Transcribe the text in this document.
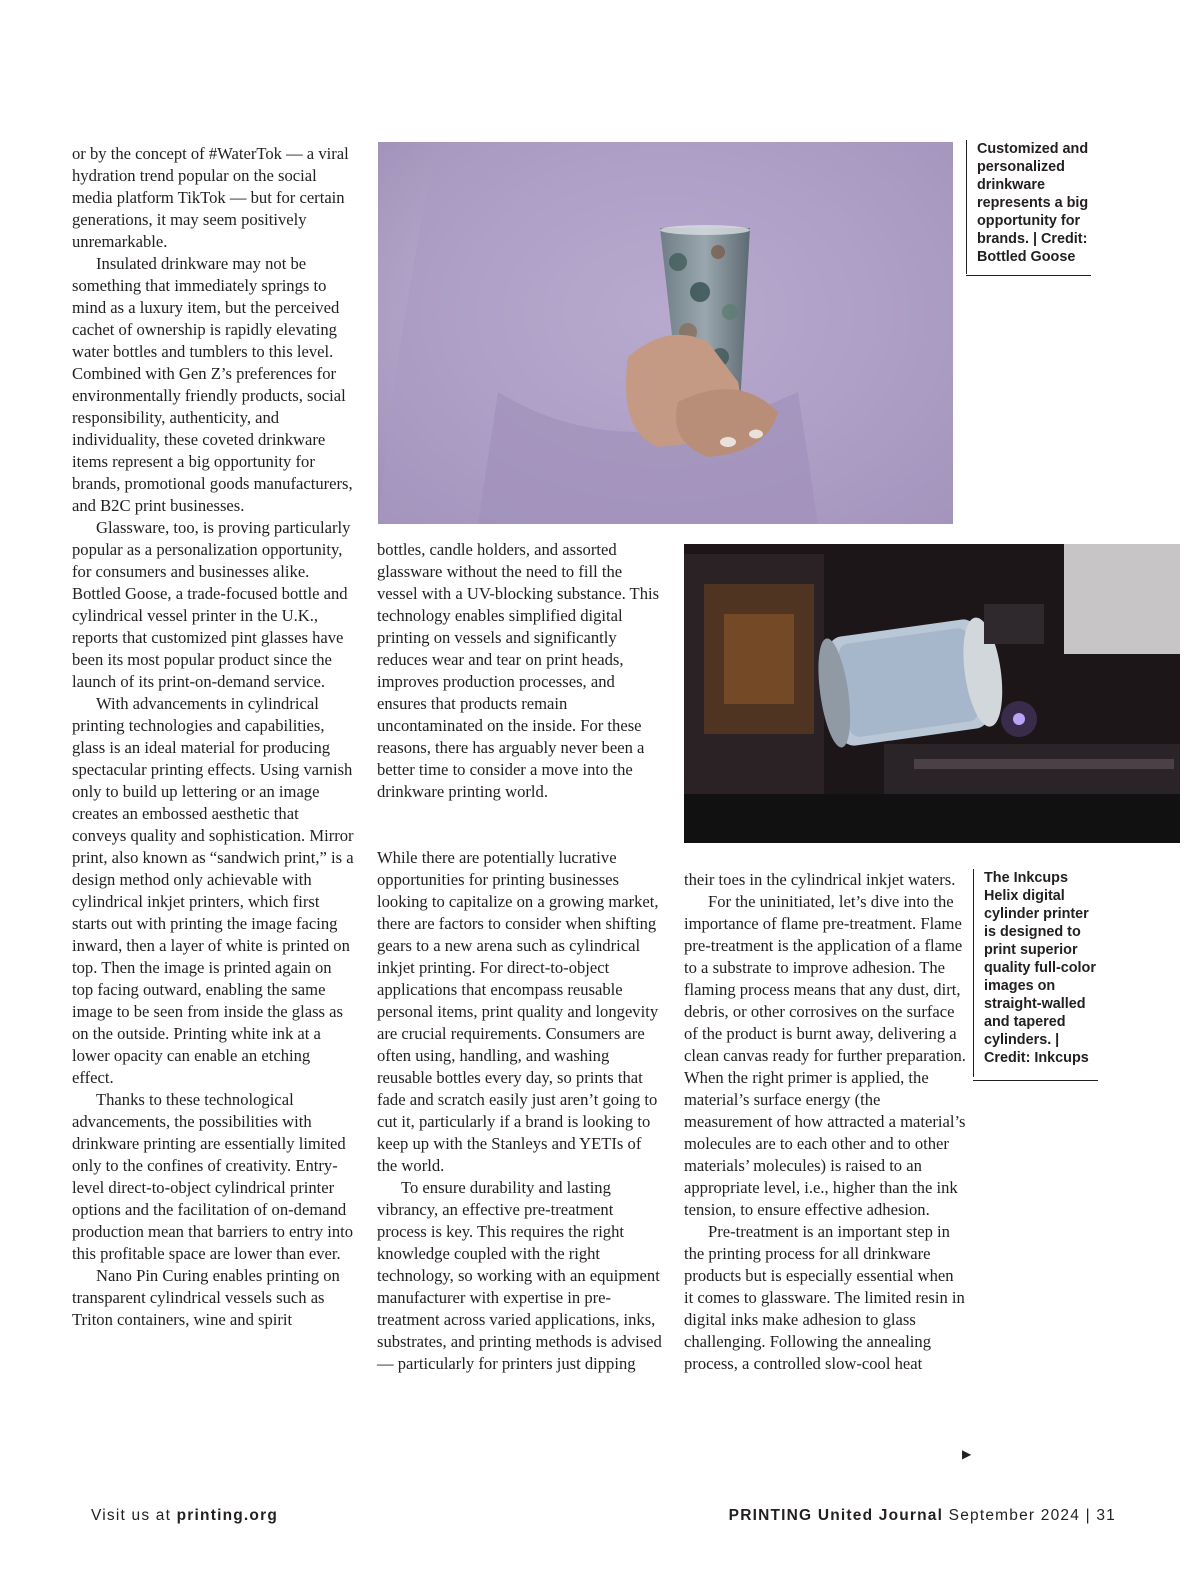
or by the concept of #WaterTok — a viral hydration trend popular on the social media platform TikTok — but for certain generations, it may seem positively unremarkable.

Insulated drinkware may not be something that immediately springs to mind as a luxury item, but the perceived cachet of ownership is rapidly elevating water bottles and tumblers to this level. Combined with Gen Z’s preferences for environmentally friendly products, social responsibility, authenticity, and individuality, these coveted drinkware items represent a big opportunity for brands, promotional goods manufacturers, and B2C print businesses.

Glassware, too, is proving particularly popular as a personalization opportunity, for consumers and businesses alike. Bottled Goose, a trade-focused bottle and cylindrical vessel printer in the U.K., reports that customized pint glasses have been its most popular product since the launch of its print-on-demand service.

With advancements in cylindrical printing technologies and capabilities, glass is an ideal material for producing spectacular printing effects. Using varnish only to build up lettering or an image creates an embossed aesthetic that conveys quality and sophistication. Mirror print, also known as “sandwich print,” is a design method only achievable with cylindrical inkjet printers, which first starts out with printing the image facing inward, then a layer of white is printed on top. Then the image is printed again on top facing outward, enabling the same image to be seen from inside the glass as on the outside. Printing white ink at a lower opacity can enable an etching effect.

Thanks to these technological advancements, the possibilities with drinkware printing are essentially limited only to the confines of creativity. Entry-level direct-to-object cylindrical printer options and the facilitation of on-demand production mean that barriers to entry into this profitable space are lower than ever.

Nano Pin Curing enables printing on transparent cylindrical vessels such as Triton containers, wine and spirit

Customized and personalized drinkware represents a big opportunity for brands. | Credit: Bottled Goose

bottles, candle holders, and assorted glassware without the need to fill the vessel with a UV-blocking substance. This technology enables simplified digital printing on vessels and significantly reduces wear and tear on print heads, improves production processes, and ensures that products remain uncontaminated on the inside. For these reasons, there has arguably never been a better time to consider a move into the drinkware printing world.

While there are potentially lucrative opportunities for printing businesses looking to capitalize on a growing market, there are factors to consider when shifting gears to a new arena such as cylindrical inkjet printing. For direct-to-object applications that encompass reusable personal items, print quality and longevity are crucial requirements. Consumers are often using, handling, and washing reusable bottles every day, so prints that fade and scratch easily just aren’t going to cut it, particularly if a brand is looking to keep up with the Stanleys and YETIs of the world.

To ensure durability and lasting vibrancy, an effective pre-treatment process is key. This requires the right knowledge coupled with the right technology, so working with an equipment manufacturer with expertise in pre-treatment across varied applications, inks, substrates, and printing methods is advised — particularly for printers just dipping

their toes in the cylindrical inkjet waters.

For the uninitiated, let’s dive into the importance of flame pre-treatment. Flame pre-treatment is the application of a flame to a substrate to improve adhesion. The flaming process means that any dust, dirt, debris, or other corrosives on the surface of the product is burnt away, delivering a clean canvas ready for further preparation. When the right primer is applied, the material’s surface energy (the measurement of how attracted a material’s molecules are to each other and to other materials’ molecules) is raised to an appropriate level, i.e., higher than the ink tension, to ensure effective adhesion.

Pre-treatment is an important step in the printing process for all drinkware products but is especially essential when it comes to glassware. The limited resin in digital inks make adhesion to glass challenging. Following the annealing process, a controlled slow-cool heat

The Inkcups Helix digital cylinder printer is designed to print superior quality full-color images on straight-walled and tapered cylinders. | Credit: Inkcups
▶
Visit us at printing.org	PRINTING United Journal September 2024 | 31
